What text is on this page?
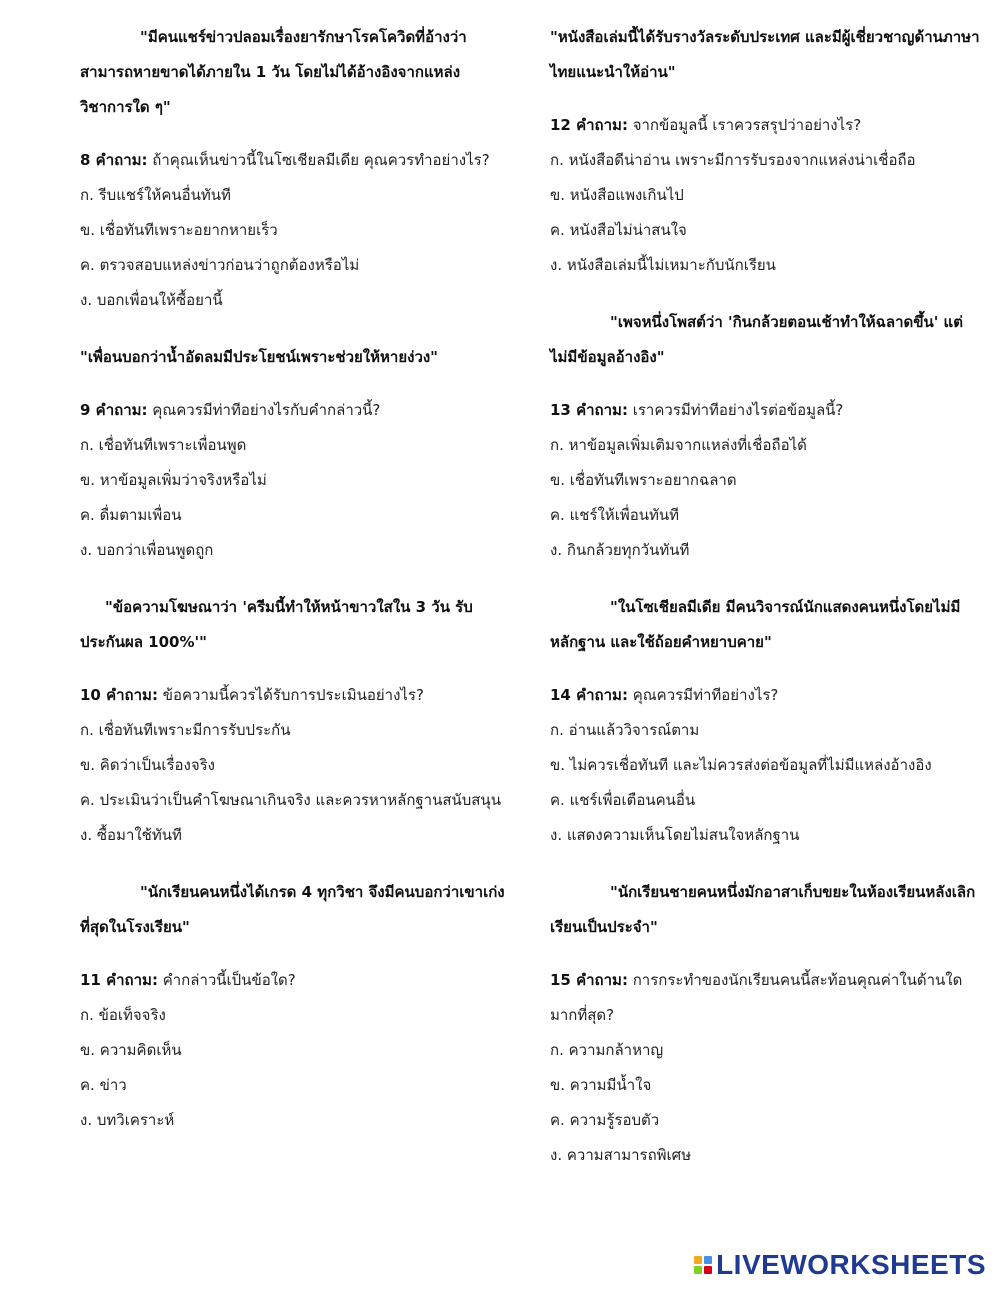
"มีคนแชร์ข่าวปลอมเรื่องยารักษาโรคโควิดที่อ้างว่าสามารถหายขาดได้ภายใน 1 วัน โดยไม่ได้อ้างอิงจากแหล่งวิชาการใด ๆ"

8 คำถาม: ถ้าคุณเห็นข่าวนี้ในโซเชียลมีเดีย คุณควรทำอย่างไร?
ก. รีบแชร์ให้คนอื่นทันที
ข. เชื่อทันทีเพราะอยากหายเร็ว
ค. ตรวจสอบแหล่งข่าวก่อนว่าถูกต้องหรือไม่
ง. บอกเพื่อนให้ซื้อยานี้

"เพื่อนบอกว่าน้ำอัดลมมีประโยชน์เพราะช่วยให้หายง่วง"

9 คำถาม: คุณควรมีท่าทีอย่างไรกับคำกล่าวนี้?
ก. เชื่อทันทีเพราะเพื่อนพูด
ข. หาข้อมูลเพิ่มว่าจริงหรือไม่
ค. ดื่มตามเพื่อน
ง. บอกว่าเพื่อนพูดถูก

"ข้อความโฆษณาว่า 'ครีมนี้ทำให้หน้าขาวใสใน 3 วัน รับประกันผล 100%'"

10 คำถาม: ข้อความนี้ควรได้รับการประเมินอย่างไร?
ก. เชื่อทันทีเพราะมีการรับประกัน
ข. คิดว่าเป็นเรื่องจริง
ค. ประเมินว่าเป็นคำโฆษณาเกินจริง และควรหาหลักฐานสนับสนุน
ง. ซื้อมาใช้ทันที

"นักเรียนคนหนึ่งได้เกรด 4 ทุกวิชา จึงมีคนบอกว่าเขาเก่งที่สุดในโรงเรียน"

11 คำถาม: คำกล่าวนี้เป็นข้อใด?
ก. ข้อเท็จจริง
ข. ความคิดเห็น
ค. ข่าว
ง. บทวิเคราะห์

"หนังสือเล่มนี้ได้รับรางวัลระดับประเทศ และมีผู้เชี่ยวชาญด้านภาษาไทยแนะนำให้อ่าน"

12 คำถาม: จากข้อมูลนี้ เราควรสรุปว่าอย่างไร?
ก. หนังสือดีน่าอ่าน เพราะมีการรับรองจากแหล่งน่าเชื่อถือ
ข. หนังสือแพงเกินไป
ค. หนังสือไม่น่าสนใจ
ง. หนังสือเล่มนี้ไม่เหมาะกับนักเรียน

"เพจหนึ่งโพสต์ว่า 'กินกล้วยตอนเช้าทำให้ฉลาดขึ้น' แต่ไม่มีข้อมูลอ้างอิง"

13 คำถาม: เราควรมีท่าทีอย่างไรต่อข้อมูลนี้?
ก. หาข้อมูลเพิ่มเติมจากแหล่งที่เชื่อถือได้
ข. เชื่อทันทีเพราะอยากฉลาด
ค. แชร์ให้เพื่อนทันที
ง. กินกล้วยทุกวันทันที

"ในโซเชียลมีเดีย มีคนวิจารณ์นักแสดงคนหนึ่งโดยไม่มีหลักฐาน และใช้ถ้อยคำหยาบคาย"

14 คำถาม: คุณควรมีท่าทีอย่างไร?
ก. อ่านแล้ววิจารณ์ตาม
ข. ไม่ควรเชื่อทันที และไม่ควรส่งต่อข้อมูลที่ไม่มีแหล่งอ้างอิง
ค. แชร์เพื่อเตือนคนอื่น
ง. แสดงความเห็นโดยไม่สนใจหลักฐาน

"นักเรียนชายคนหนึ่งมักอาสาเก็บขยะในห้องเรียนหลังเลิกเรียนเป็นประจำ"

15 คำถาม: การกระทำของนักเรียนคนนี้สะท้อนคุณค่าในด้านใดมากที่สุด?
ก. ความกล้าหาญ
ข. ความมีน้ำใจ
ค. ความรู้รอบตัว
ง. ความสามารถพิเศษ
LIVEWORKSHEETS
